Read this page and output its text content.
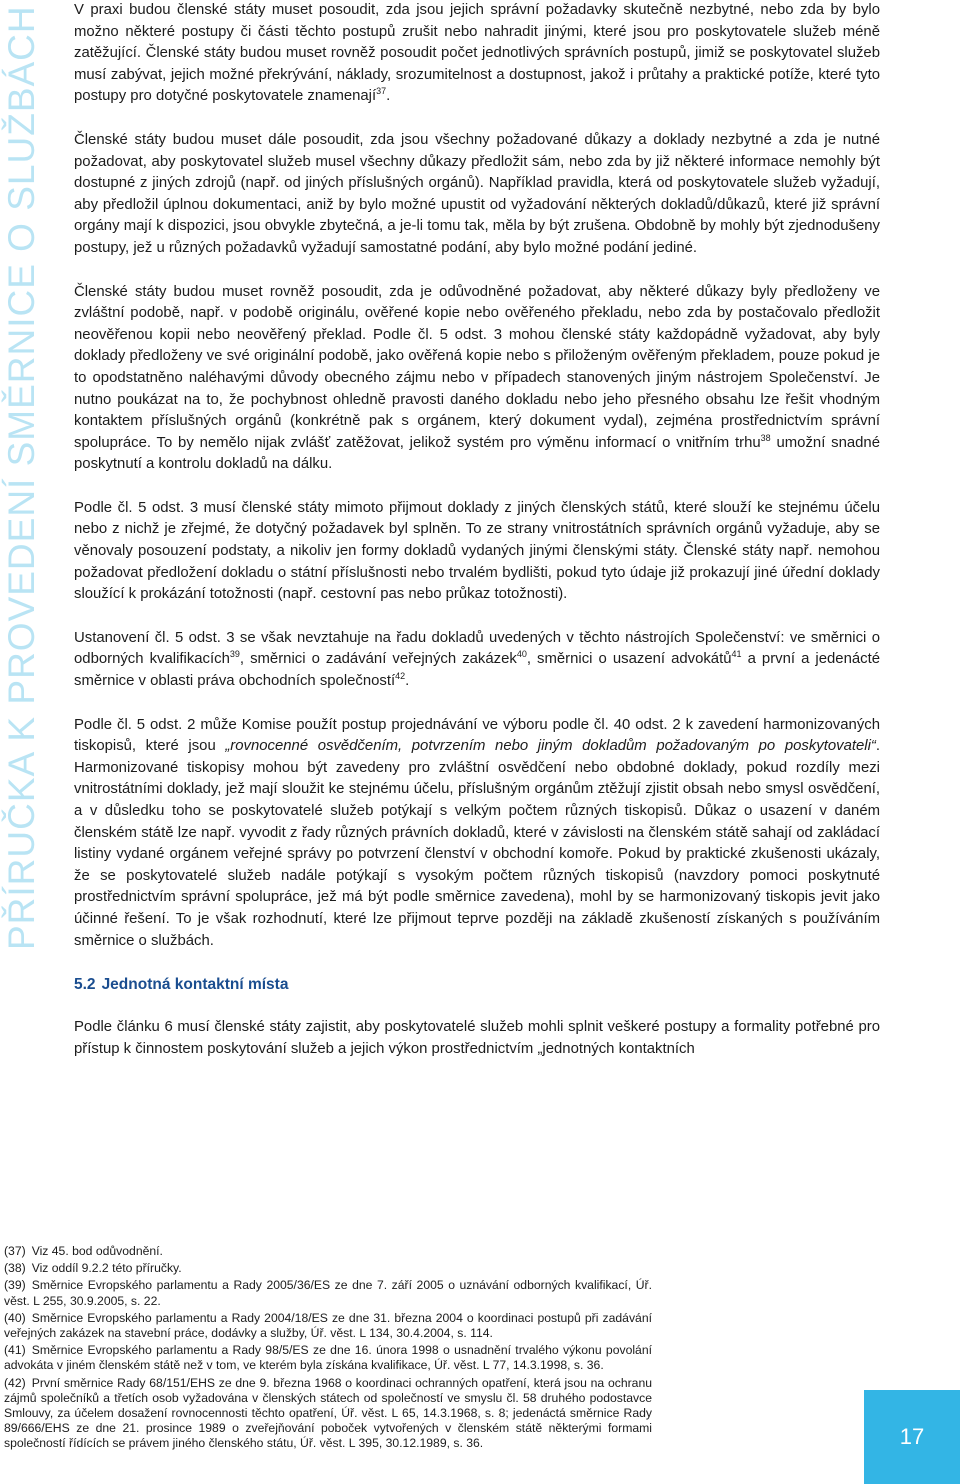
PŘÍRUČKA K PROVEDENÍ SMĚRNICE O SLUŽBÁCH V praxi budou členské státy muset posoudit, zda jsou jejich správní požadavky skutečně nezbytné, nebo zda by bylo možno některé postupy či části těchto postupů zrušit nebo nahradit jinými, které jsou pro poskytovatele služeb méně zatěžující. Členské státy budou muset rovněž posoudit počet jednotlivých správních postupů, jimiž se poskytovatel služeb musí zabývat, jejich možné překrývání, náklady, srozumitelnost a dostupnost, jakož i průtahy a praktické potíže, které tyto postupy pro dotyčné poskytovatele znamenají$^{37}$.

Členské státy budou muset dále posoudit, zda jsou všechny požadované důkazy a doklady nezbytné a zda je nutné požadovat, aby poskytovatel služeb musel všechny důkazy předložit sám, nebo zda by již některé informace nemohly být dostupné z jiných zdrojů (např. od jiných příslušných orgánů). Například pravidla, která od poskytovatele služeb vyžadují, aby předložil úplnou dokumentaci, aniž by bylo možné upustit od vyžadování některých dokladů/důkazů, které již správní orgány mají k dispozici, jsou obvykle zbytečná, a je-li tomu tak, měla by být zrušena. Obdobně by mohly být zjednodušeny postupy, jež u různých požadavků vyžadují samostatné podání, aby bylo možné podání jediné.

Členské státy budou muset rovněž posoudit, zda je odůvodněné požadovat, aby některé důkazy byly předloženy ve zvláštní podobě, např. v podobě originálu, ověřené kopie nebo ověřeného překladu, nebo zda by postačovalo předložit neověřenou kopii nebo neověřený překlad. Podle čl. 5 odst. 3 mohou členské státy každopádně vyžadovat, aby byly doklady předloženy ve své originální podobě, jako ověřená kopie nebo s přiloženým ověřeným překladem, pouze pokud je to opodstatněno naléhavými důvody obecného zájmu nebo v případech stanovených jiným nástrojem Společenství. Je nutno poukázat na to, že pochybnost ohledně pravosti daného dokladu nebo jeho přesného obsahu lze řešit vhodným kontaktem příslušných orgánů (konkrétně pak s orgánem, který dokument vydal), zejména prostřednictvím správní spolupráce. To by nemělo nijak zvlášť zatěžovat, jelikož systém pro výměnu informací o vnitřním trhu$^{38}$ umožní snadné poskytnutí a kontrolu dokladů na dálku.

Podle čl. 5 odst. 3 musí členské státy mimoto přijmout doklady z jiných členských států, které slouží ke stejnému účelu nebo z nichž je zřejmé, že dotyčný požadavek byl splněn. To ze strany vnitrostátních správních orgánů vyžaduje, aby se věnovaly posouzení podstaty, a nikoliv jen formy dokladů vydaných jinými členskými státy. Členské státy např. nemohou požadovat předložení dokladu o státní příslušnosti nebo trvalém bydlišti, pokud tyto údaje již prokazují jiné úřední doklady sloužící k prokázání totožnosti (např. cestovní pas nebo průkaz totožnosti).

Ustanovení čl. 5 odst. 3 se však nevztahuje na řadu dokladů uvedených v těchto nástrojích Společenství: ve směrnici o odborných kvalifikacích$^{39}$, směrnici o zadávání veřejných zakázek$^{40}$, směrnici o usazení advokátů$^{41}$ a první a jedenácté směrnice v oblasti práva obchodních společností$^{42}$.

Podle čl. 5 odst. 2 může Komise použít postup projednávání ve výboru podle čl. 40 odst. 2 k zavedení harmonizovaných tiskopisů, které jsou „rovnocenné osvědčením, potvrzením nebo jiným dokladům požadovaným po poskytovateli“. Harmonizované tiskopisy mohou být zavedeny pro zvláštní osvědčení nebo obdobné doklady, pokud rozdíly mezi vnitrostátními doklady, jež mají sloužit ke stejnému účelu, příslušným orgánům ztěžují zjistit obsah nebo smysl osvědčení, a v důsledku toho se poskytovatelé služeb potýkají s velkým počtem různých tiskopisů. Důkaz o usazení v daném členském státě lze např. vyvodit z řady různých právních dokladů, které v závislosti na členském státě sahají od zakládací listiny vydané orgánem veřejné správy po potvrzení členství v obchodní komoře. Pokud by praktické zkušenosti ukázaly, že se poskytovatelé služeb nadále potýkají s vysokým počtem různých tiskopisů (navzdory pomoci poskytnuté prostřednictvím správní spolupráce, jež má být podle směrnice zavedena), mohl by se harmonizovaný tiskopis jevit jako účinné řešení. To je však rozhodnutí, které lze přijmout teprve později na základě zkušeností získaných s používáním směrnice o službách.

5.2 Jednotná kontaktní místa

Podle článku 6 musí členské státy zajistit, aby poskytovatelé služeb mohli splnit veškeré postupy a formality potřebné pro přístup k činnostem poskytování služeb a jejich výkon prostřednictvím „jednotných kontaktních

(37) Viz 45. bod odůvodnění.
(38) Viz oddíl 9.2.2 této příručky.
(39) Směrnice Evropského parlamentu a Rady 2005/36/ES ze dne 7. září 2005 o uznávání odborných kvalifikací, Úř. věst. L 255, 30.9.2005, s. 22.
(40) Směrnice Evropského parlamentu a Rady 2004/18/ES ze dne 31. března 2004 o koordinaci postupů při zadávání veřejných zakázek na stavební práce, dodávky a služby, Úř. věst. L 134, 30.4.2004, s. 114.
(41) Směrnice Evropského parlamentu a Rady 98/5/ES ze dne 16. února 1998 o usnadnění trvalého výkonu povolání advokáta v jiném členském státě než v tom, ve kterém byla získána kvalifikace, Úř. věst. L 77, 14.3.1998, s. 36.
(42) První směrnice Rady 68/151/EHS ze dne 9. března 1968 o koordinaci ochranných opatření, která jsou na ochranu zájmů společníků a třetích osob vyžadována v členských státech od společností ve smyslu čl. 58 druhého podostavce Smlouvy, za účelem dosažení rovnocennosti těchto opatření, Úř. věst. L 65, 14.3.1968, s. 8; jedenáctá směrnice Rady 89/666/EHS ze dne 21. prosince 1989 o zveřejňování poboček vytvořených v členském státě některými formami společností řídících se právem jiného členského státu, Úř. věst. L 395, 30.12.1989, s. 36.	17
